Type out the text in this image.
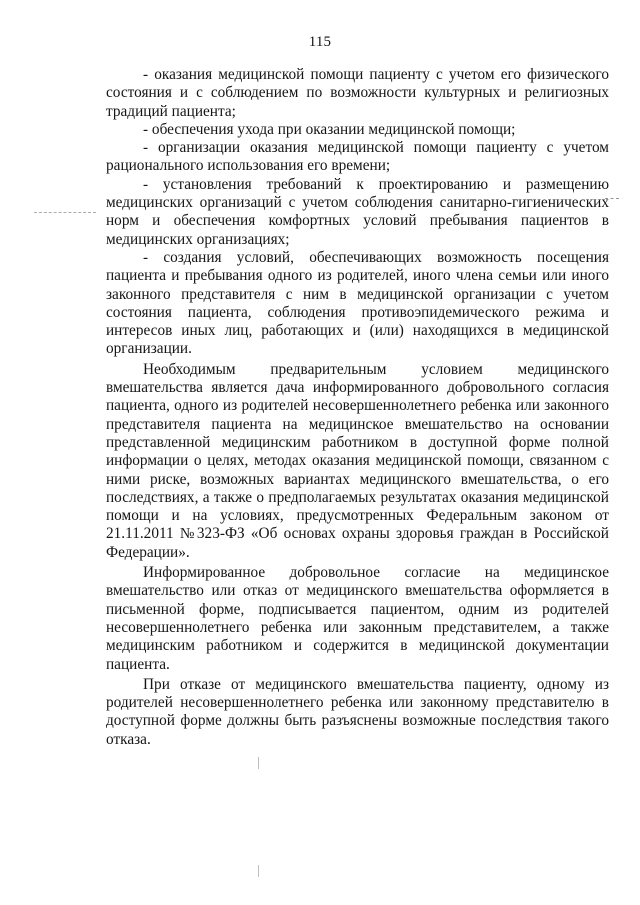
115

- оказания медицинской помощи пациенту с учетом его физического состояния и с соблюдением по возможности культурных и религиозных традиций пациента;

- обеспечения ухода при оказании медицинской помощи;

- организации оказания медицинской помощи пациенту с учетом рационального использования его времени;

- установления требований к проектированию и размещению медицинских организаций с учетом соблюдения санитарно-гигиенических норм и обеспечения комфортных условий пребывания пациентов в медицинских организациях;

- создания условий, обеспечивающих возможность посещения пациента и пребывания одного из родителей, иного члена семьи или иного законного представителя с ним в медицинской организации с учетом состояния пациента, соблюдения противоэпидемического режима и интересов иных лиц, работающих и (или) находящихся в медицинской организации.

Необходимым предварительным условием медицинского вмешательства является дача информированного добровольного согласия пациента, одного из родителей несовершеннолетнего ребенка или законного представителя пациента на медицинское вмешательство на основании представленной медицинским работником в доступной форме полной информации о целях, методах оказания медицинской помощи, связанном с ними риске, возможных вариантах медицинского вмешательства, о его последствиях, а также о предполагаемых результатах оказания медицинской помощи и на условиях, предусмотренных Федеральным законом от 21.11.2011 №323-ФЗ «Об основах охраны здоровья граждан в Российской Федерации».

Информированное добровольное согласие на медицинское вмешательство или отказ от медицинского вмешательства оформляется в письменной форме, подписывается пациентом, одним из родителей несовершеннолетнего ребенка или законным представителем, а также медицинским работником и содержится в медицинской документации пациента.

При отказе от медицинского вмешательства пациенту, одному из родителей несовершеннолетнего ребенка или законному представителю в доступной форме должны быть разъяснены возможные последствия такого отказа.
